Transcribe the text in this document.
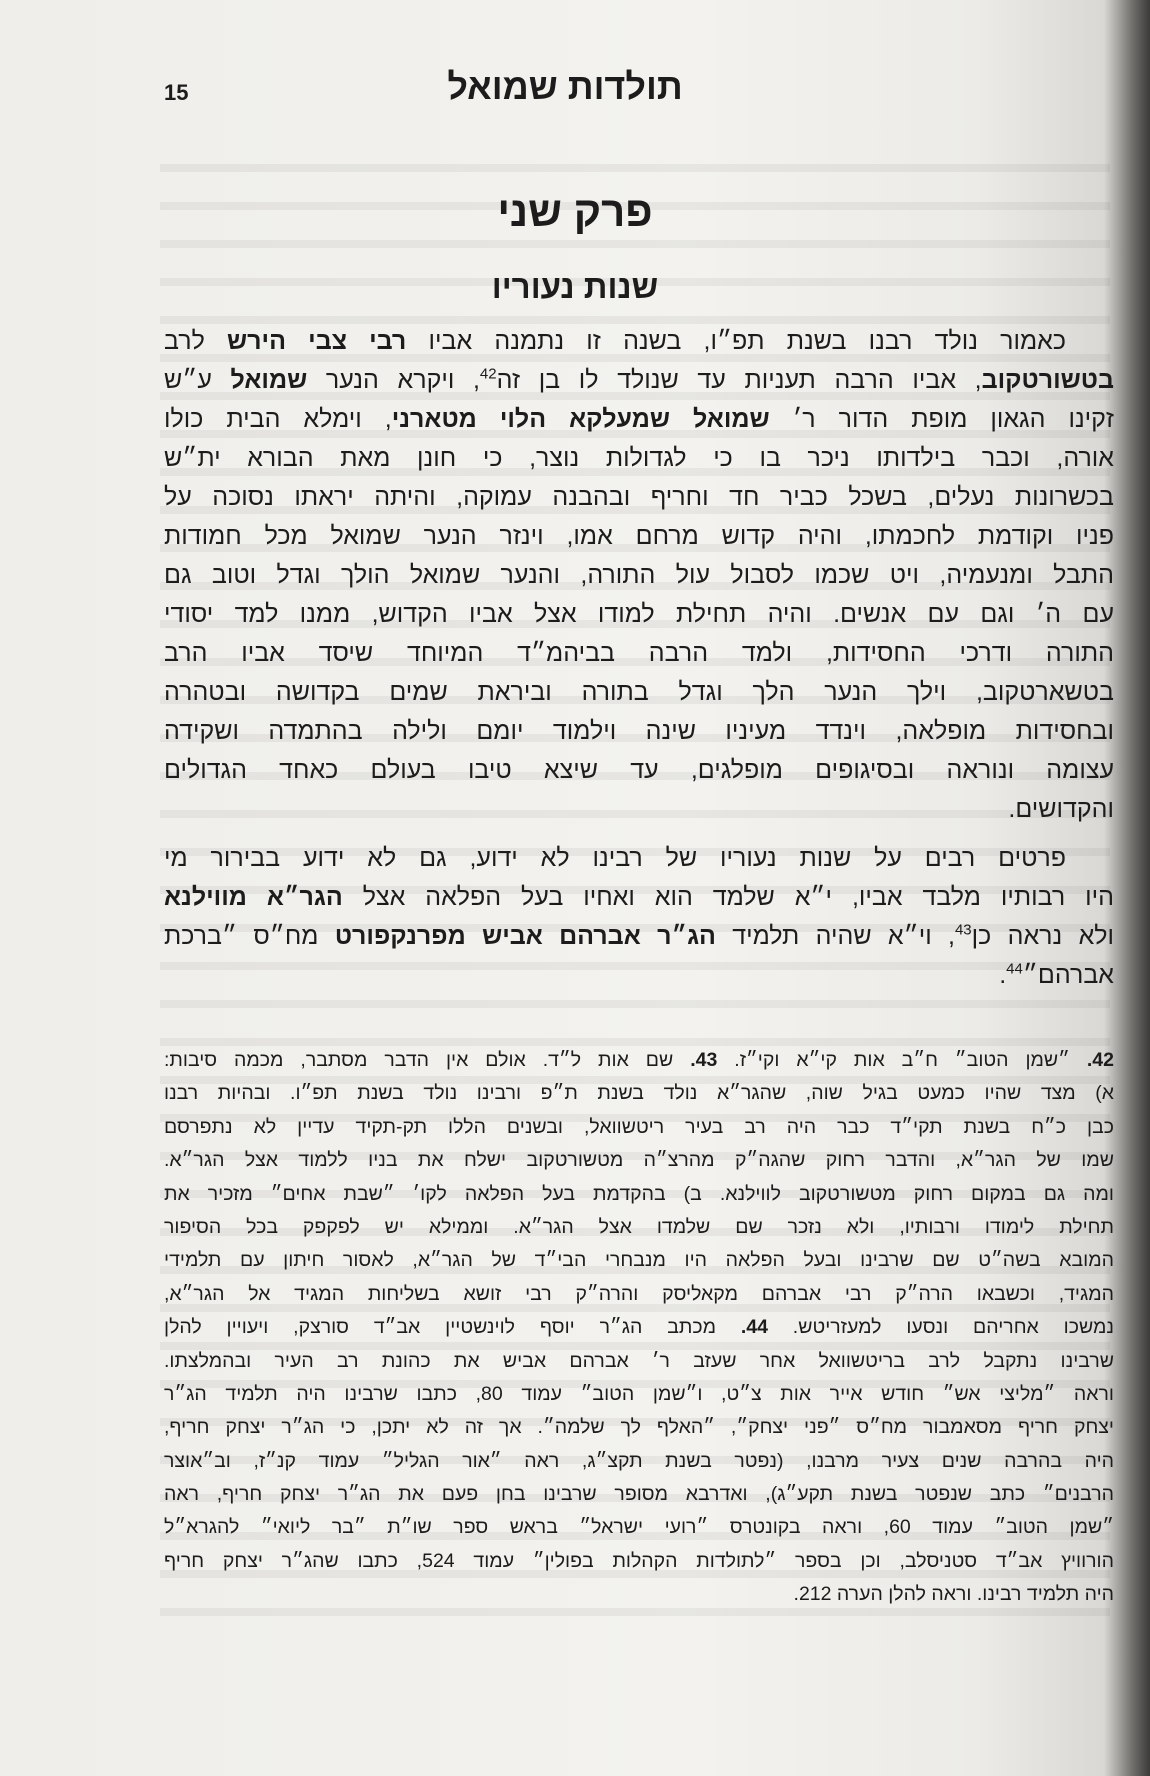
15	תולדות שמואל
פרק שני
שנות נעוריו
כאמור נולד רבנו בשנת תפ״ו, בשנה זו נתמנה אביו רבי צבי הירש לרב
בטשורטקוב, אביו הרבה תעניות עד שנולד לו בן זה$^{42}$, ויקרא הנער שמואל ע״ש
זקינו הגאון מופת הדור ר׳ שמואל שמעלקא הלוי מטארני, וימלא הבית כולו
אורה, וכבר בילדותו ניכר בו כי לגדולות נוצר, כי חונן מאת הבורא ית״ש
בכשרונות נעלים, בשכל כביר חד וחריף ובהבנה עמוקה, והיתה יראתו נסוכה על
פניו וקודמת לחכמתו, והיה קדוש מרחם אמו, וינזר הנער שמואל מכל חמודות
התבל ומנעמיה, ויט שכמו לסבול עול התורה, והנער שמואל הולך וגדל וטוב גם
עם ה׳ וגם עם אנשים. והיה תחילת למודו אצל אביו הקדוש, ממנו למד יסודי
התורה ודרכי החסידות, ולמד הרבה בביהמ״ד המיוחד שיסד אביו הרב
בטשארטקוב, וילך הנער הלך וגדל בתורה וביראת שמים בקדושה ובטהרה
ובחסידות מופלאה, וינדד מעיניו שינה וילמוד יומם ולילה בהתמדה ושקידה
עצומה ונוראה ובסיגופים מופלגים, עד שיצא טיבו בעולם כאחד הגדולים
והקדושים.
פרטים רבים על שנות נעוריו של רבינו לא ידוע, גם לא ידוע בבירור מי
היו רבותיו מלבד אביו, י״א שלמד הוא ואחיו בעל הפלאה אצל הגר״א מווילנא
ולא נראה כן$^{43}$, וי״א שהיה תלמיד הג״ר אברהם אביש מפרנקפורט מח״ס ״ברכת
אברהם״$^{44}$.
42. ״שמן הטוב״ ח״ב אות קי״א וקי״ז. 43. שם אות ל״ד. אולם אין הדבר מסתבר, מכמה סיבות:
א) מצד שהיו כמעט בגיל שוה, שהגר״א נולד בשנת ת״פ ורבינו נולד בשנת תפ״ו. ובהיות רבנו
כבן כ״ח בשנת תקי״ד כבר היה רב בעיר ריטשוואל, ובשנים הללו תק-תקיד עדיין לא נתפרסם
שמו של הגר״א, והדבר רחוק שהגה״ק מהרצ״ה מטשורטקוב ישלח את בניו ללמוד אצל הגר״א.
ומה גם במקום רחוק מטשורטקוב לווילנא. ב) בהקדמת בעל הפלאה לקו׳ ״שבת אחים״ מזכיר את
תחילת לימודו ורבותיו, ולא נזכר שם שלמדו אצל הגר״א. וממילא יש לפקפק בכל הסיפור
המובא בשה״ט שם שרבינו ובעל הפלאה היו מנבחרי הבי״ד של הגר״א, לאסור חיתון עם תלמידי
המגיד, וכשבאו הרה״ק רבי אברהם מקאליסק והרה״ק רבי זושא בשליחות המגיד אל הגר״א,
נמשכו אחריהם ונסעו למעזריטש. 44. מכתב הג״ר יוסף לוינשטיין אב״ד סורצק, ויעויין להלן
שרבינו נתקבל לרב בריטשוואל אחר שעזב ר׳ אברהם אביש את כהונת רב העיר ובהמלצתו.
וראה ״מליצי אש״ חודש אייר אות צ״ט, ו״שמן הטוב״ עמוד 80, כתבו שרבינו היה תלמיד הג״ר
יצחק חריף מסאמבור מח״ס ״פני יצחק״, ״האלף לך שלמה״. אך זה לא יתכן, כי הג״ר יצחק חריף,
היה בהרבה שנים צעיר מרבנו, (נפטר בשנת תקצ״ג, ראה ״אור הגליל״ עמוד קנ״ז, וב״אוצר
הרבנים״ כתב שנפטר בשנת תקע״ג), ואדרבא מסופר שרבינו בחן פעם את הג״ר יצחק חריף, ראה
״שמן הטוב״ עמוד 60, וראה בקונטרס ״רועי ישראל״ בראש ספר שו״ת ״בר ליואי״ להגרא״ל
הורוויץ אב״ד סטניסלב, וכן בספר ״לתולדות הקהלות בפולין״ עמוד 524, כתבו שהג״ר יצחק חריף
היה תלמיד רבינו. וראה להלן הערה 212.
